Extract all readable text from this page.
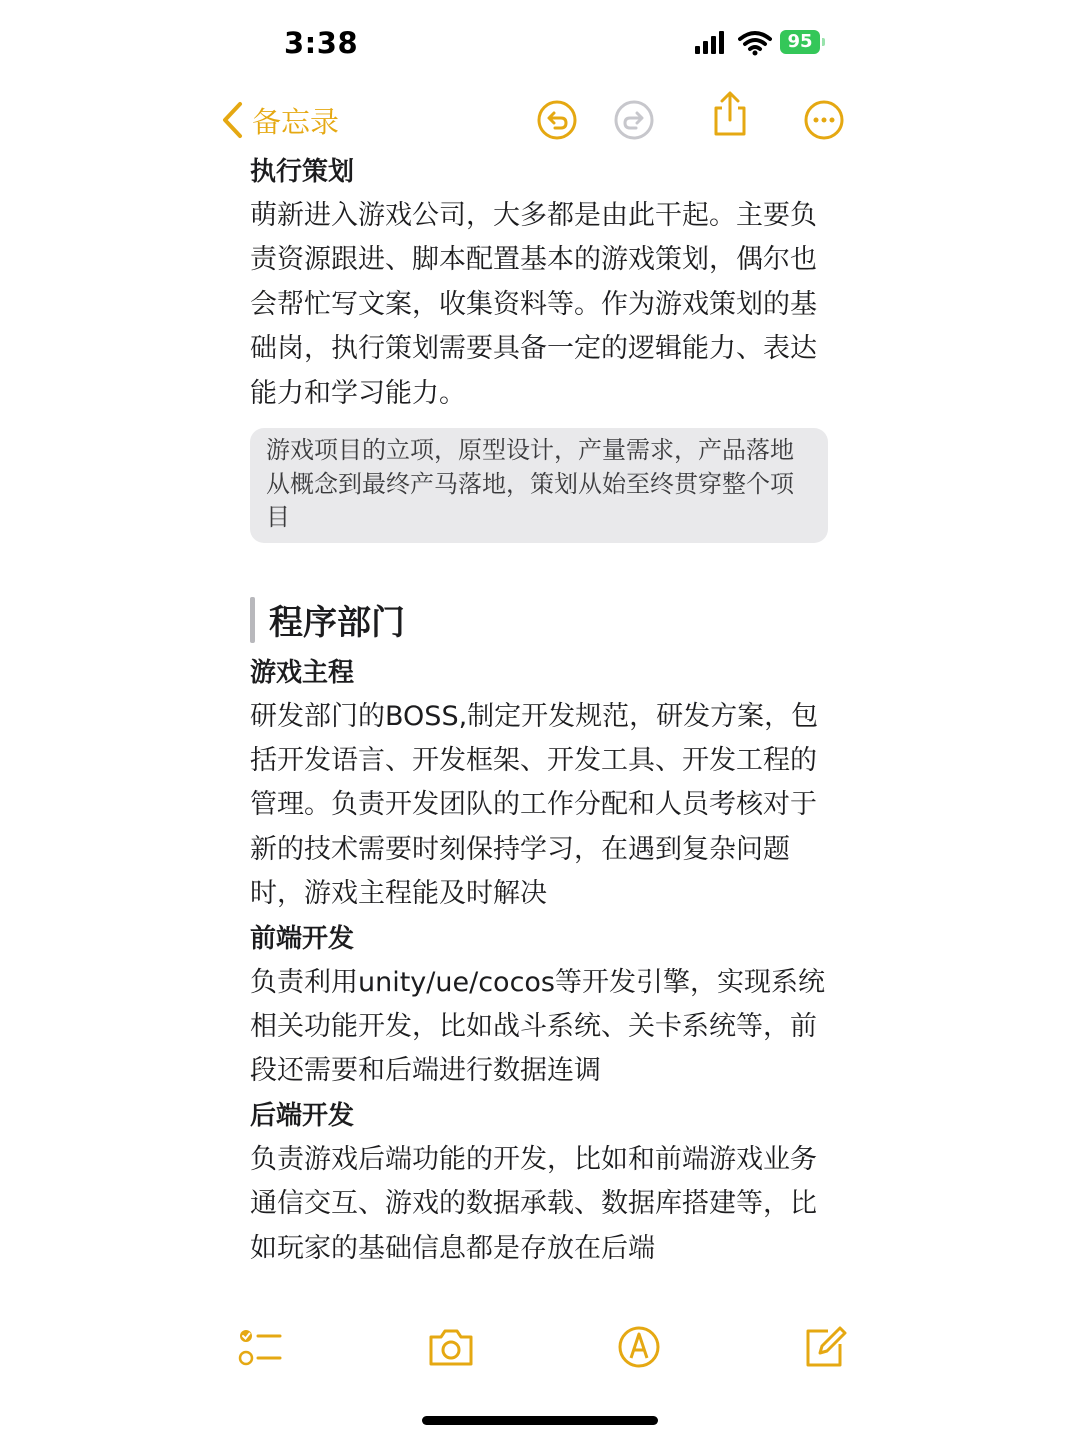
3:38	95
备忘录

执行策划

萌新进入游戏公司，大多都是由此干起。主要负责资源跟进、脚本配置基本的游戏策划，偶尔也会帮忙写文案，收集资料等。作为游戏策划的基础岗，执行策划需要具备一定的逻辑能力、表达能力和学习能力。

游戏项目的立项，原型设计，产量需求，产品落地从概念到最终产马落地，策划从始至终贯穿整个项目
程序部门

游戏主程

研发部门的BOSS,制定开发规范，研发方案，包括开发语言、开发框架、开发工具、开发工程的管理。负责开发团队的工作分配和人员考核对于新的技术需要时刻保持学习，在遇到复杂问题时，游戏主程能及时解决

前端开发

负责利用unity/ue/cocos等开发引擎，实现系统相关功能开发，比如战斗系统、关卡系统等，前段还需要和后端进行数据连调

后端开发

负责游戏后端功能的开发，比如和前端游戏业务通信交互、游戏的数据承载、数据库搭建等，比如玩家的基础信息都是存放在后端
